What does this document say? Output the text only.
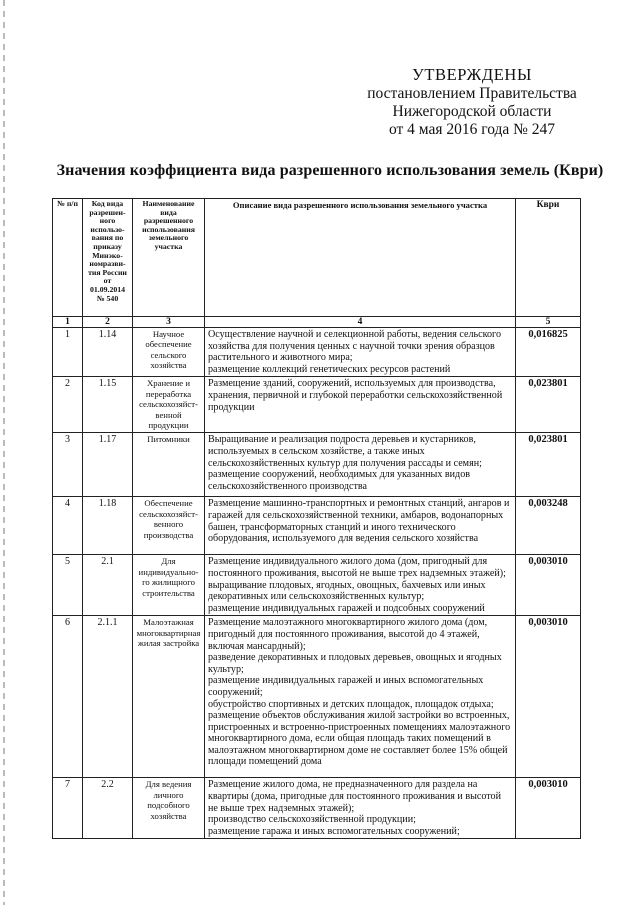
УТВЕРЖДЕНЫ
постановлением Правительства
Нижегородской области
от 4 мая 2016 года № 247
Значения коэффициента вида разрешенного использования земель (Кври)
№ п/п	Код вида разрешен- ного использо- вания по приказу Минэко- номразви- тия России от 01.09.2014 № 540	Наименование вида разрешенного использования земельного участка	Описание вида разрешенного использования земельного участка	Кври
1	2	3	4	5
1	1.14	Научное обеспечение сельского хозяйства	Осуществление научной и селекционной работы, ведения сельского хозяйства для получения ценных с научной точки зрения образцов растительного и животного мира;
размещение коллекций генетических ресурсов растений	0,016825
2	1.15	Хранение и переработка сельскохозяйст- венной продукции	Размещение зданий, сооружений, используемых для производства, хранения, первичной и глубокой переработки сельскохозяйственной продукции	0,023801
3	1.17	Питомники	Выращивание и реализация подроста деревьев и кустарников, используемых в сельском хозяйстве, а также иных сельскохозяйственных культур для получения рассады и семян;
размещение сооружений, необходимых для указанных видов сельскохозяйственного производства	0,023801
4	1.18	Обеспечение сельскохозяйст- венного производства	Размещение машинно-транспортных и ремонтных станций, ангаров и гаражей для сельскохозяйственной техники, амбаров, водонапорных башен, трансформаторных станций и иного технического оборудования, используемого для ведения сельского хозяйства	0,003248
5	2.1	Для индивидуально- го жилищного строительства	Размещение индивидуального жилого дома (дом, пригодный для постоянного проживания, высотой не выше трех надземных этажей);
выращивание плодовых, ягодных, овощных, бахчевых или иных декоративных или сельскохозяйственных культур;
размещение индивидуальных гаражей и подсобных сооружений	0,003010
6	2.1.1	Малоэтажная многоквартирная жилая застройка	Размещение малоэтажного многоквартирного жилого дома (дом, пригодный для постоянного проживания, высотой до 4 этажей, включая мансардный);
разведение декоративных и плодовых деревьев, овощных и ягодных культур;
размещение индивидуальных гаражей и иных вспомогательных сооружений;
обустройство спортивных и детских площадок, площадок отдыха;
размещение объектов обслуживания жилой застройки во встроенных, пристроенных и встроенно-пристроенных помещениях малоэтажного многоквартирного дома, если общая площадь таких помещений в малоэтажном многоквартирном доме не составляет более 15% общей площади помещений дома	0,003010
7	2.2	Для ведения личного подсобного хозяйства	Размещение жилого дома, не предназначенного для раздела на квартиры (дома, пригодные для постоянного проживания и высотой не выше трех надземных этажей);
производство сельскохозяйственной продукции;
размещение гаража и иных вспомогательных сооружений;	0,003010
